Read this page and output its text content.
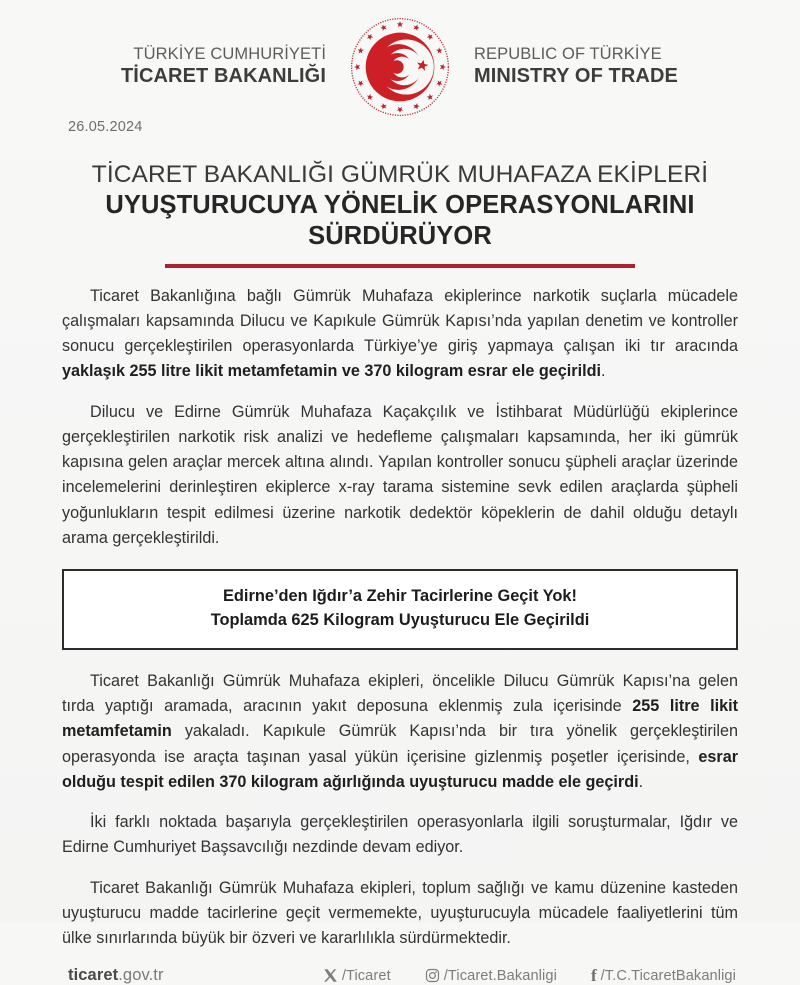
TÜRKİYE CUMHURİYETİ
TİCARET BAKANLIĞI
REPUBLIC OF TÜRKİYE
MINISTRY OF TRADE
26.05.2024
TİCARET BAKANLIĞI GÜMRÜK MUHAFAZA EKİPLERİ
UYUŞTURUCUYA YÖNELİK OPERASYONLARINI
SÜRDÜRÜYOR

Ticaret Bakanlığına bağlı Gümrük Muhafaza ekiplerince narkotik suçlarla mücadele çalışmaları kapsamında Dilucu ve Kapıkule Gümrük Kapısı’nda yapılan denetim ve kontroller sonucu gerçekleştirilen operasyonlarda Türkiye’ye giriş yapmaya çalışan iki tır aracında yaklaşık 255 litre likit metamfetamin ve 370 kilogram esrar ele geçirildi.

Dilucu ve Edirne Gümrük Muhafaza Kaçakçılık ve İstihbarat Müdürlüğü ekiplerince gerçekleştirilen narkotik risk analizi ve hedefleme çalışmaları kapsamında, her iki gümrük kapısına gelen araçlar mercek altına alındı. Yapılan kontroller sonucu şüpheli araçlar üzerinde incelemelerini derinleştiren ekiplerce x-ray tarama sistemine sevk edilen araçlarda şüpheli yoğunlukların tespit edilmesi üzerine narkotik dedektör köpeklerin de dahil olduğu detaylı arama gerçekleştirildi.

Edirne’den Iğdır’a Zehir Tacirlerine Geçit Yok!
Toplamda 625 Kilogram Uyuşturucu Ele Geçirildi

Ticaret Bakanlığı Gümrük Muhafaza ekipleri, öncelikle Dilucu Gümrük Kapısı’na gelen tırda yaptığı aramada, aracının yakıt deposuna eklenmiş zula içerisinde 255 litre likit metamfetamin yakaladı. Kapıkule Gümrük Kapısı’nda bir tıra yönelik gerçekleştirilen operasyonda ise araçta taşınan yasal yükün içerisine gizlenmiş poşetler içerisinde, esrar olduğu tespit edilen 370 kilogram ağırlığında uyuşturucu madde ele geçirdi.

İki farklı noktada başarıyla gerçekleştirilen operasyonlarla ilgili soruşturmalar, Iğdır ve Edirne Cumhuriyet Başsavcılığı nezdinde devam ediyor.

Ticaret Bakanlığı Gümrük Muhafaza ekipleri, toplum sağlığı ve kamu düzenine kasteden uyuşturucu madde tacirlerine geçit vermemekte, uyuşturucuyla mücadele faaliyetlerini tüm ülke sınırlarında büyük bir özveri ve kararlılıkla sürdürmektedir.

ticaret.gov.tr	/Ticaret	/Ticaret.Bakanligi f /T.C.TicaretBakanligi
